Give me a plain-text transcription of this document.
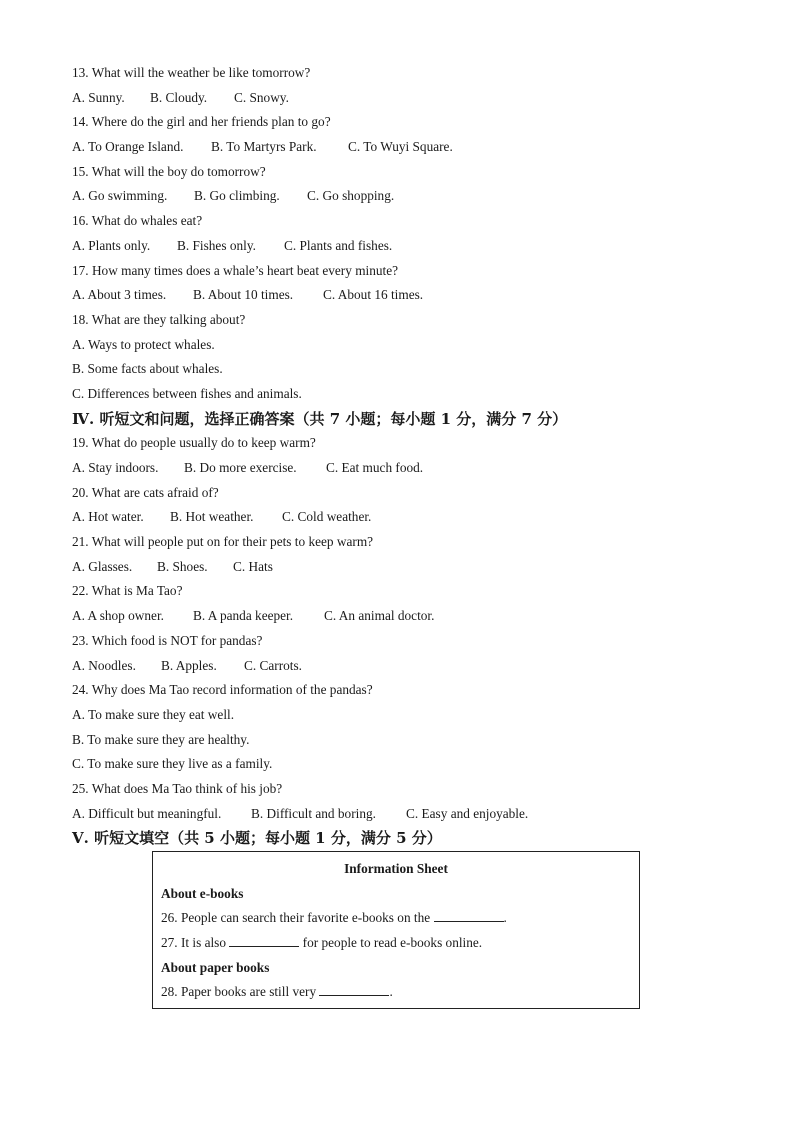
13. What will the weather be like tomorrow?
A. Sunny. B. Cloudy. C. Snowy.
14. Where do the girl and her friends plan to go?
A. To Orange Island. B. To Martyrs Park. C. To Wuyi Square.
15. What will the boy do tomorrow?
A. Go swimming. B. Go climbing. C. Go shopping.
16. What do whales eat?
A. Plants only. B. Fishes only. C. Plants and fishes.
17. How many times does a whale’s heart beat every minute?
A. About 3 times. B. About 10 times. C. About 16 times.
18. What are they talking about?
A. Ways to protect whales.
B. Some facts about whales.
C. Differences between fishes and animals.
Ⅳ. 听短文和问题，选择正确答案（共 7 小题；每小题 1 分，满分 7 分）
19. What do people usually do to keep warm?
A. Stay indoors. B. Do more exercise. C. Eat much food.
20. What are cats afraid of?
A. Hot water. B. Hot weather. C. Cold weather.
21. What will people put on for their pets to keep warm?
A. Glasses. B. Shoes. C. Hats
22. What is Ma Tao?
A. A shop owner. B. A panda keeper. C. An animal doctor.
23. Which food is NOT for pandas?
A. Noodles. B. Apples. C. Carrots.
24. Why does Ma Tao record information of the pandas?
A. To make sure they eat well.
B. To make sure they are healthy.
C. To make sure they live as a family.
25. What does Ma Tao think of his job?
A. Difficult but meaningful. B. Difficult and boring. C. Easy and enjoyable.
Ⅴ. 听短文填空（共 5 小题；每小题 1 分，满分 5 分）
Information Sheet
About e-books
26. People can search their favorite e-books on the	.
27. It is also	for people to read e-books online.
About paper books
28. Paper books are still very	.
